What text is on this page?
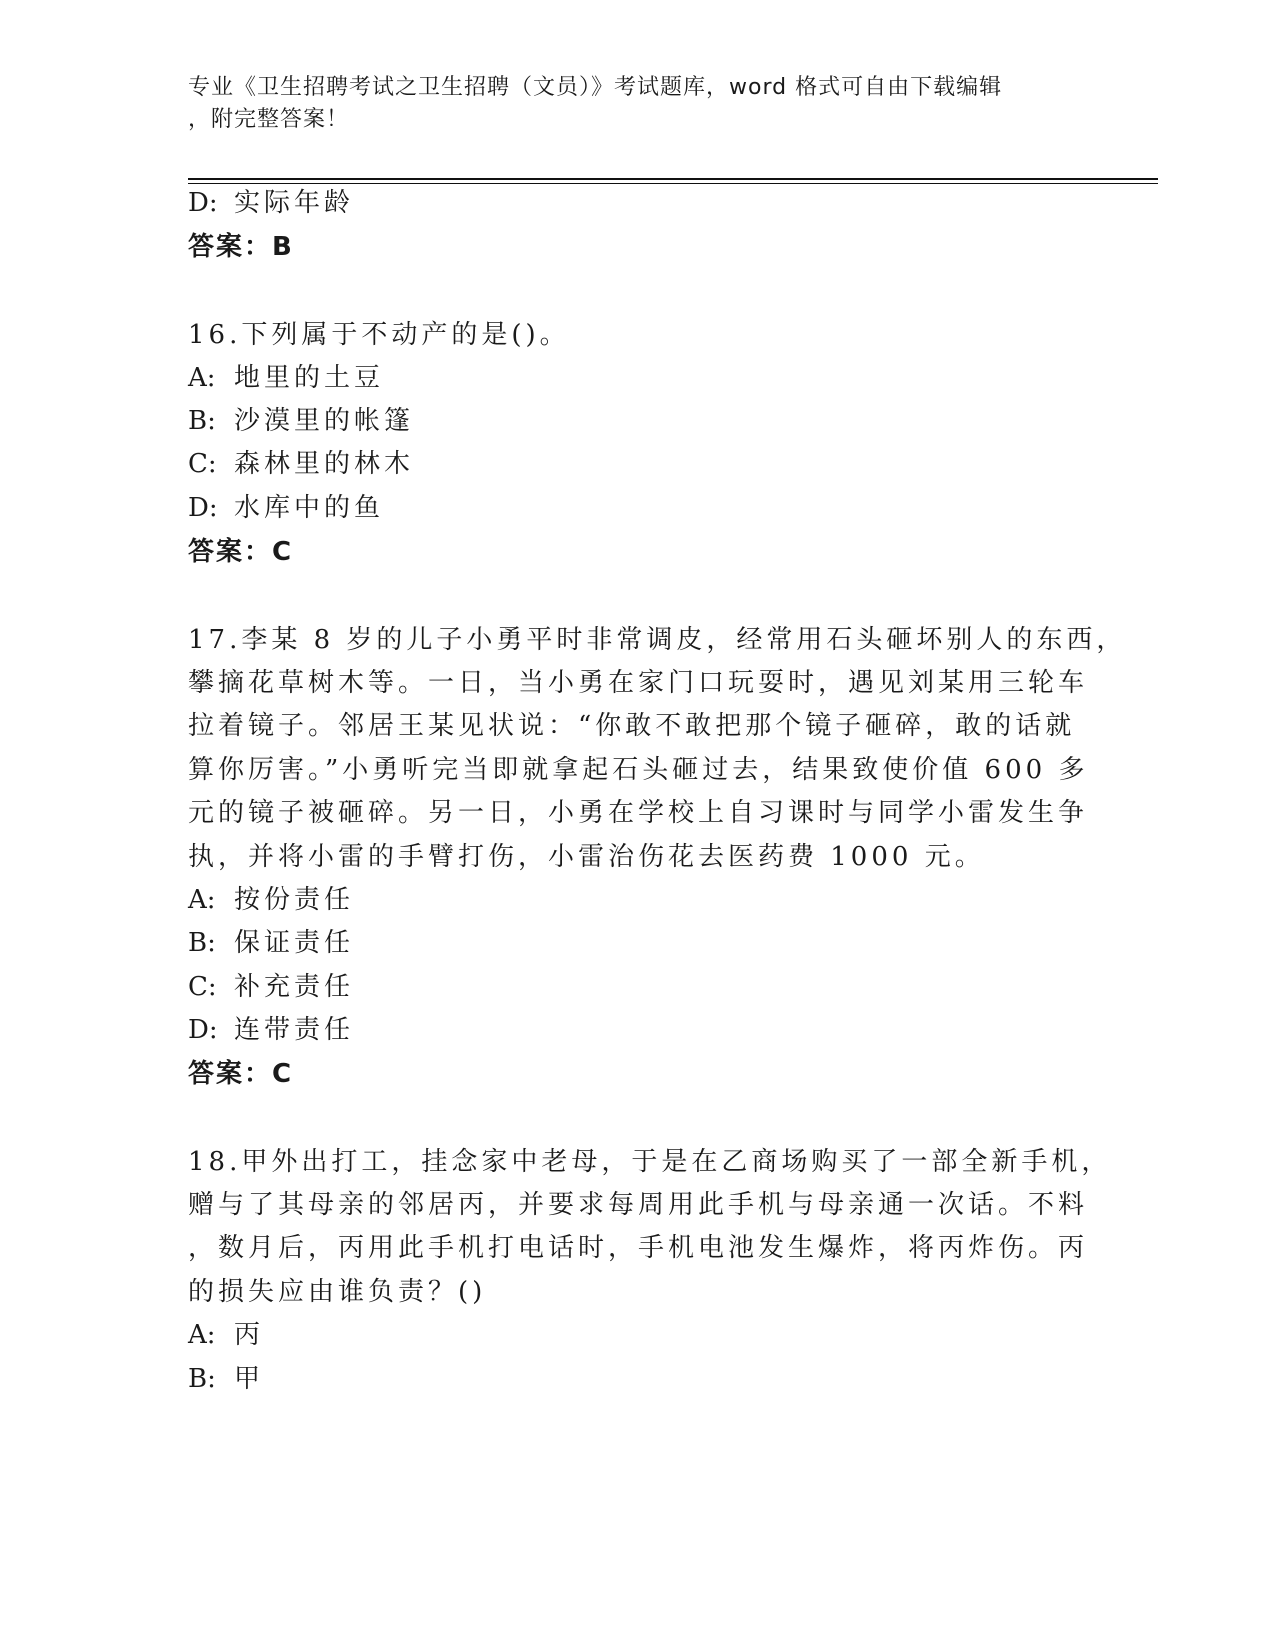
专业《卫生招聘考试之卫生招聘（文员）》考试题库，word 格式可自由下载编辑
，附完整答案！
D: 实际年龄
答案：B
16.下列属于不动产的是()。
A: 地里的土豆
B: 沙漠里的帐篷
C: 森林里的林木
D: 水库中的鱼
答案：C
17.李某 8 岁的儿子小勇平时非常调皮，经常用石头砸坏别人的东西，
攀摘花草树木等。一日，当小勇在家门口玩耍时，遇见刘某用三轮车
拉着镜子。邻居王某见状说：“你敢不敢把那个镜子砸碎，敢的话就
算你厉害。”小勇听完当即就拿起石头砸过去，结果致使价值 600 多
元的镜子被砸碎。另一日，小勇在学校上自习课时与同学小雷发生争
执，并将小雷的手臂打伤，小雷治伤花去医药费 1000 元。
A: 按份责任
B: 保证责任
C: 补充责任
D: 连带责任
答案：C
18.甲外出打工，挂念家中老母，于是在乙商场购买了一部全新手机，
赠与了其母亲的邻居丙，并要求每周用此手机与母亲通一次话。不料
，数月后，丙用此手机打电话时，手机电池发生爆炸，将丙炸伤。丙
的损失应由谁负责？()
A: 丙
B: 甲
